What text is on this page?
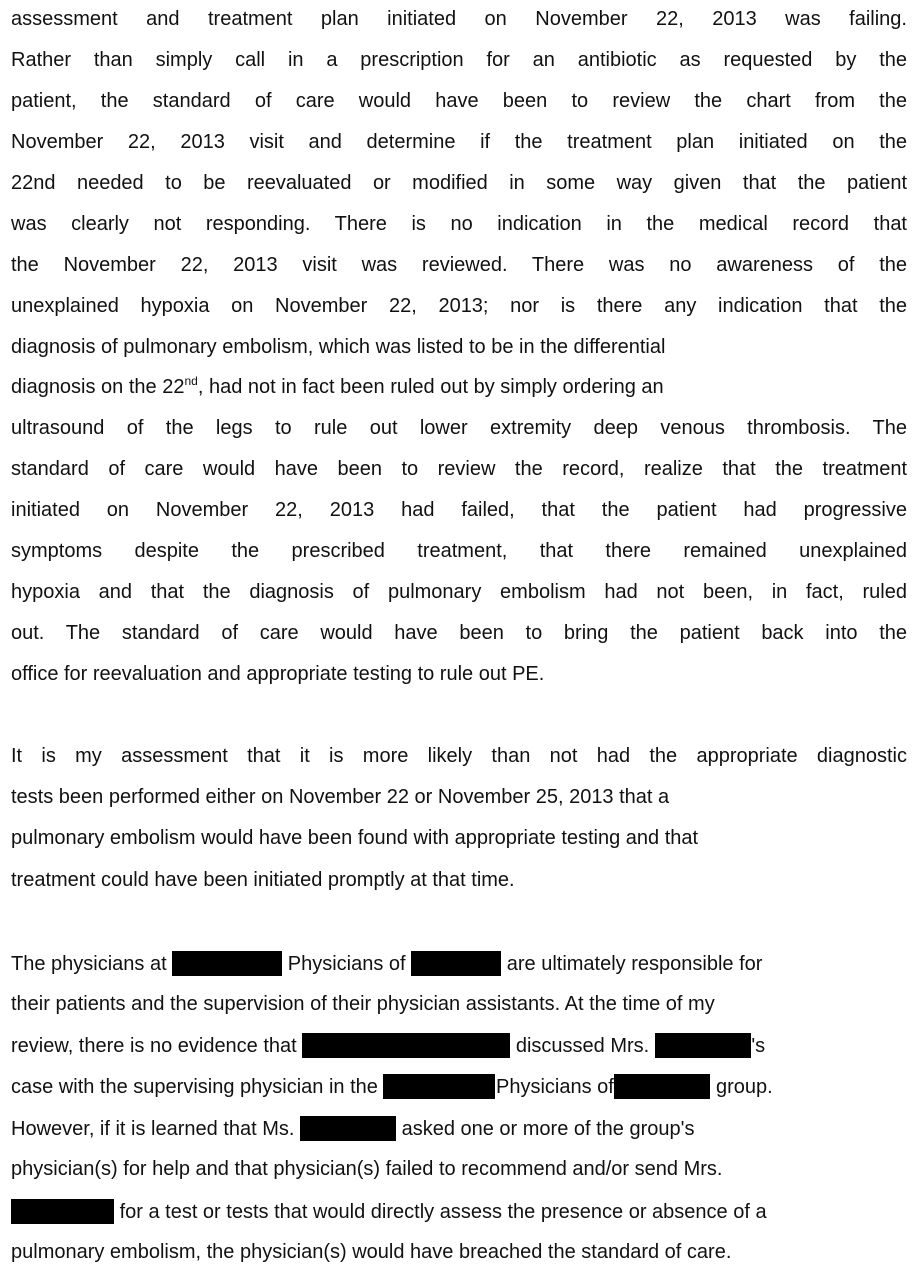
assessment and treatment plan initiated on November 22, 2013 was failing.
Rather than simply call in a prescription for an antibiotic as requested by the
patient, the standard of care would have been to review the chart from the
November 22, 2013 visit and determine if the treatment plan initiated on the
22nd needed to be reevaluated or modified in some way given that the patient
was clearly not responding. There is no indication in the medical record that
the November 22, 2013 visit was reviewed. There was no awareness of the
unexplained hypoxia on November 22, 2013; nor is there any indication that the
diagnosis of pulmonary embolism, which was listed to be in the differential
diagnosis on the 22nd, had not in fact been ruled out by simply ordering an
ultrasound of the legs to rule out lower extremity deep venous thrombosis. The
standard of care would have been to review the record, realize that the treatment
initiated on November 22, 2013 had failed, that the patient had progressive
symptoms despite the prescribed treatment, that there remained unexplained
hypoxia and that the diagnosis of pulmonary embolism had not been, in fact, ruled
out. The standard of care would have been to bring the patient back into the
office for reevaluation and appropriate testing to rule out PE.
It is my assessment that it is more likely than not had the appropriate diagnostic
tests been performed either on November 22 or November 25, 2013 that a
pulmonary embolism would have been found with appropriate testing and that
treatment could have been initiated promptly at that time.
The physicians at	Physicians of	are ultimately responsible for
their patients and the supervision of their physician assistants. At the time of my
review, there is no evidence that	discussed Mrs.	's
case with the supervising physician in the	Physicians of	group.
However, if it is learned that Ms.	asked one or more of the group's
physician(s) for help and that physician(s) failed to recommend and/or send Mrs.
for a test or tests that would directly assess the presence or absence of a
pulmonary embolism, the physician(s) would have breached the standard of care.
